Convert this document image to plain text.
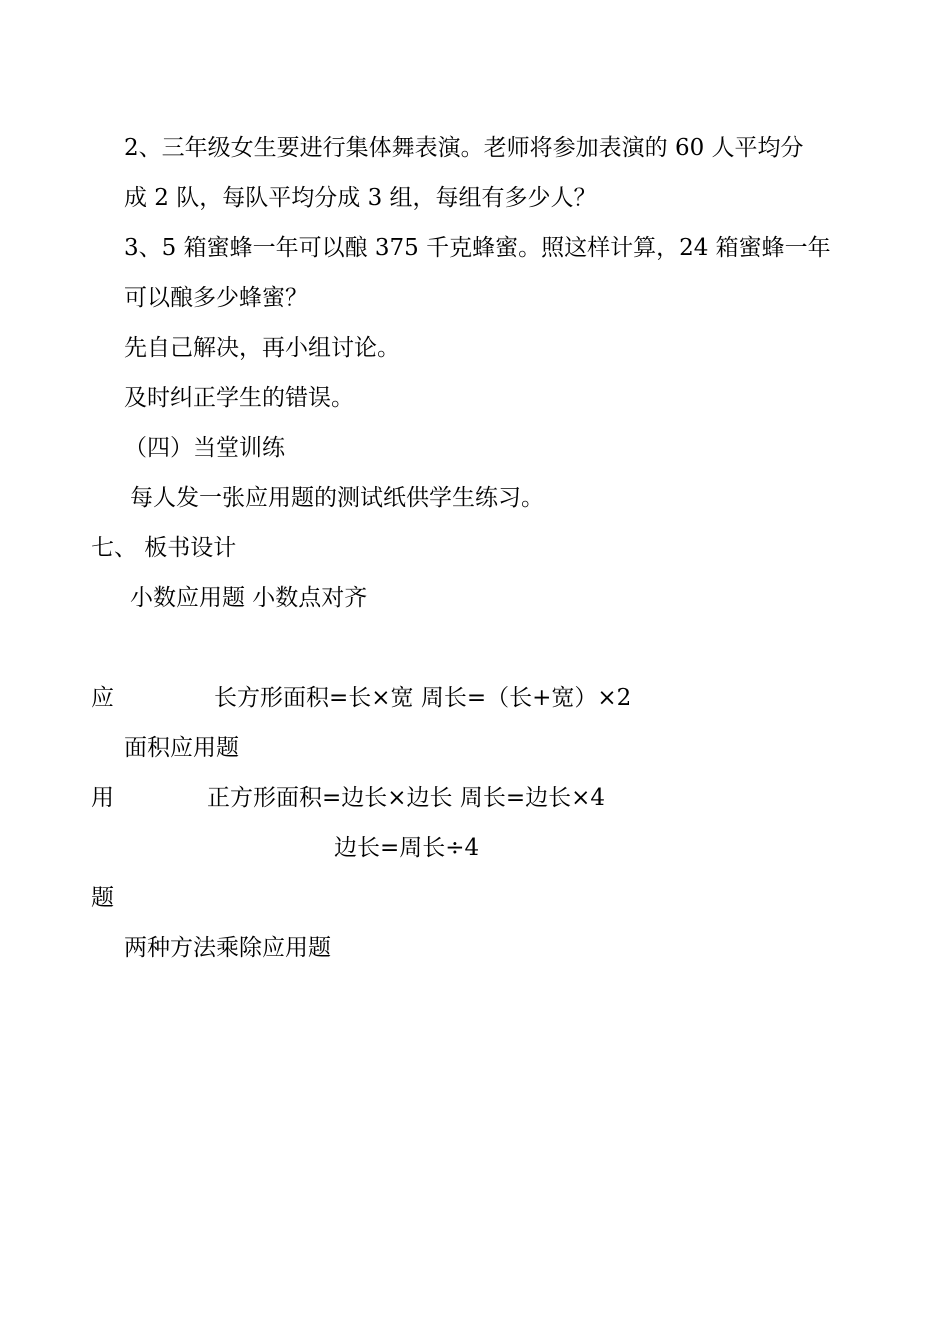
2、三年级女生要进行集体舞表演。老师将参加表演的 60 人平均分
成 2 队，每队平均分成 3 组，每组有多少人？
3、5 箱蜜蜂一年可以酿 375 千克蜂蜜。照这样计算，24 箱蜜蜂一年
可以酿多少蜂蜜？
先自己解决，再小组讨论。
及时纠正学生的错误。
（四）当堂训练
每人发一张应用题的测试纸供学生练习。
七、 板书设计
小数应用题 小数点对齐
应	长方形面积=长×宽 周长=（长+宽）×2
面积应用题
用	正方形面积=边长×边长 周长=边长×4
边长=周长÷4
题
两种方法乘除应用题
